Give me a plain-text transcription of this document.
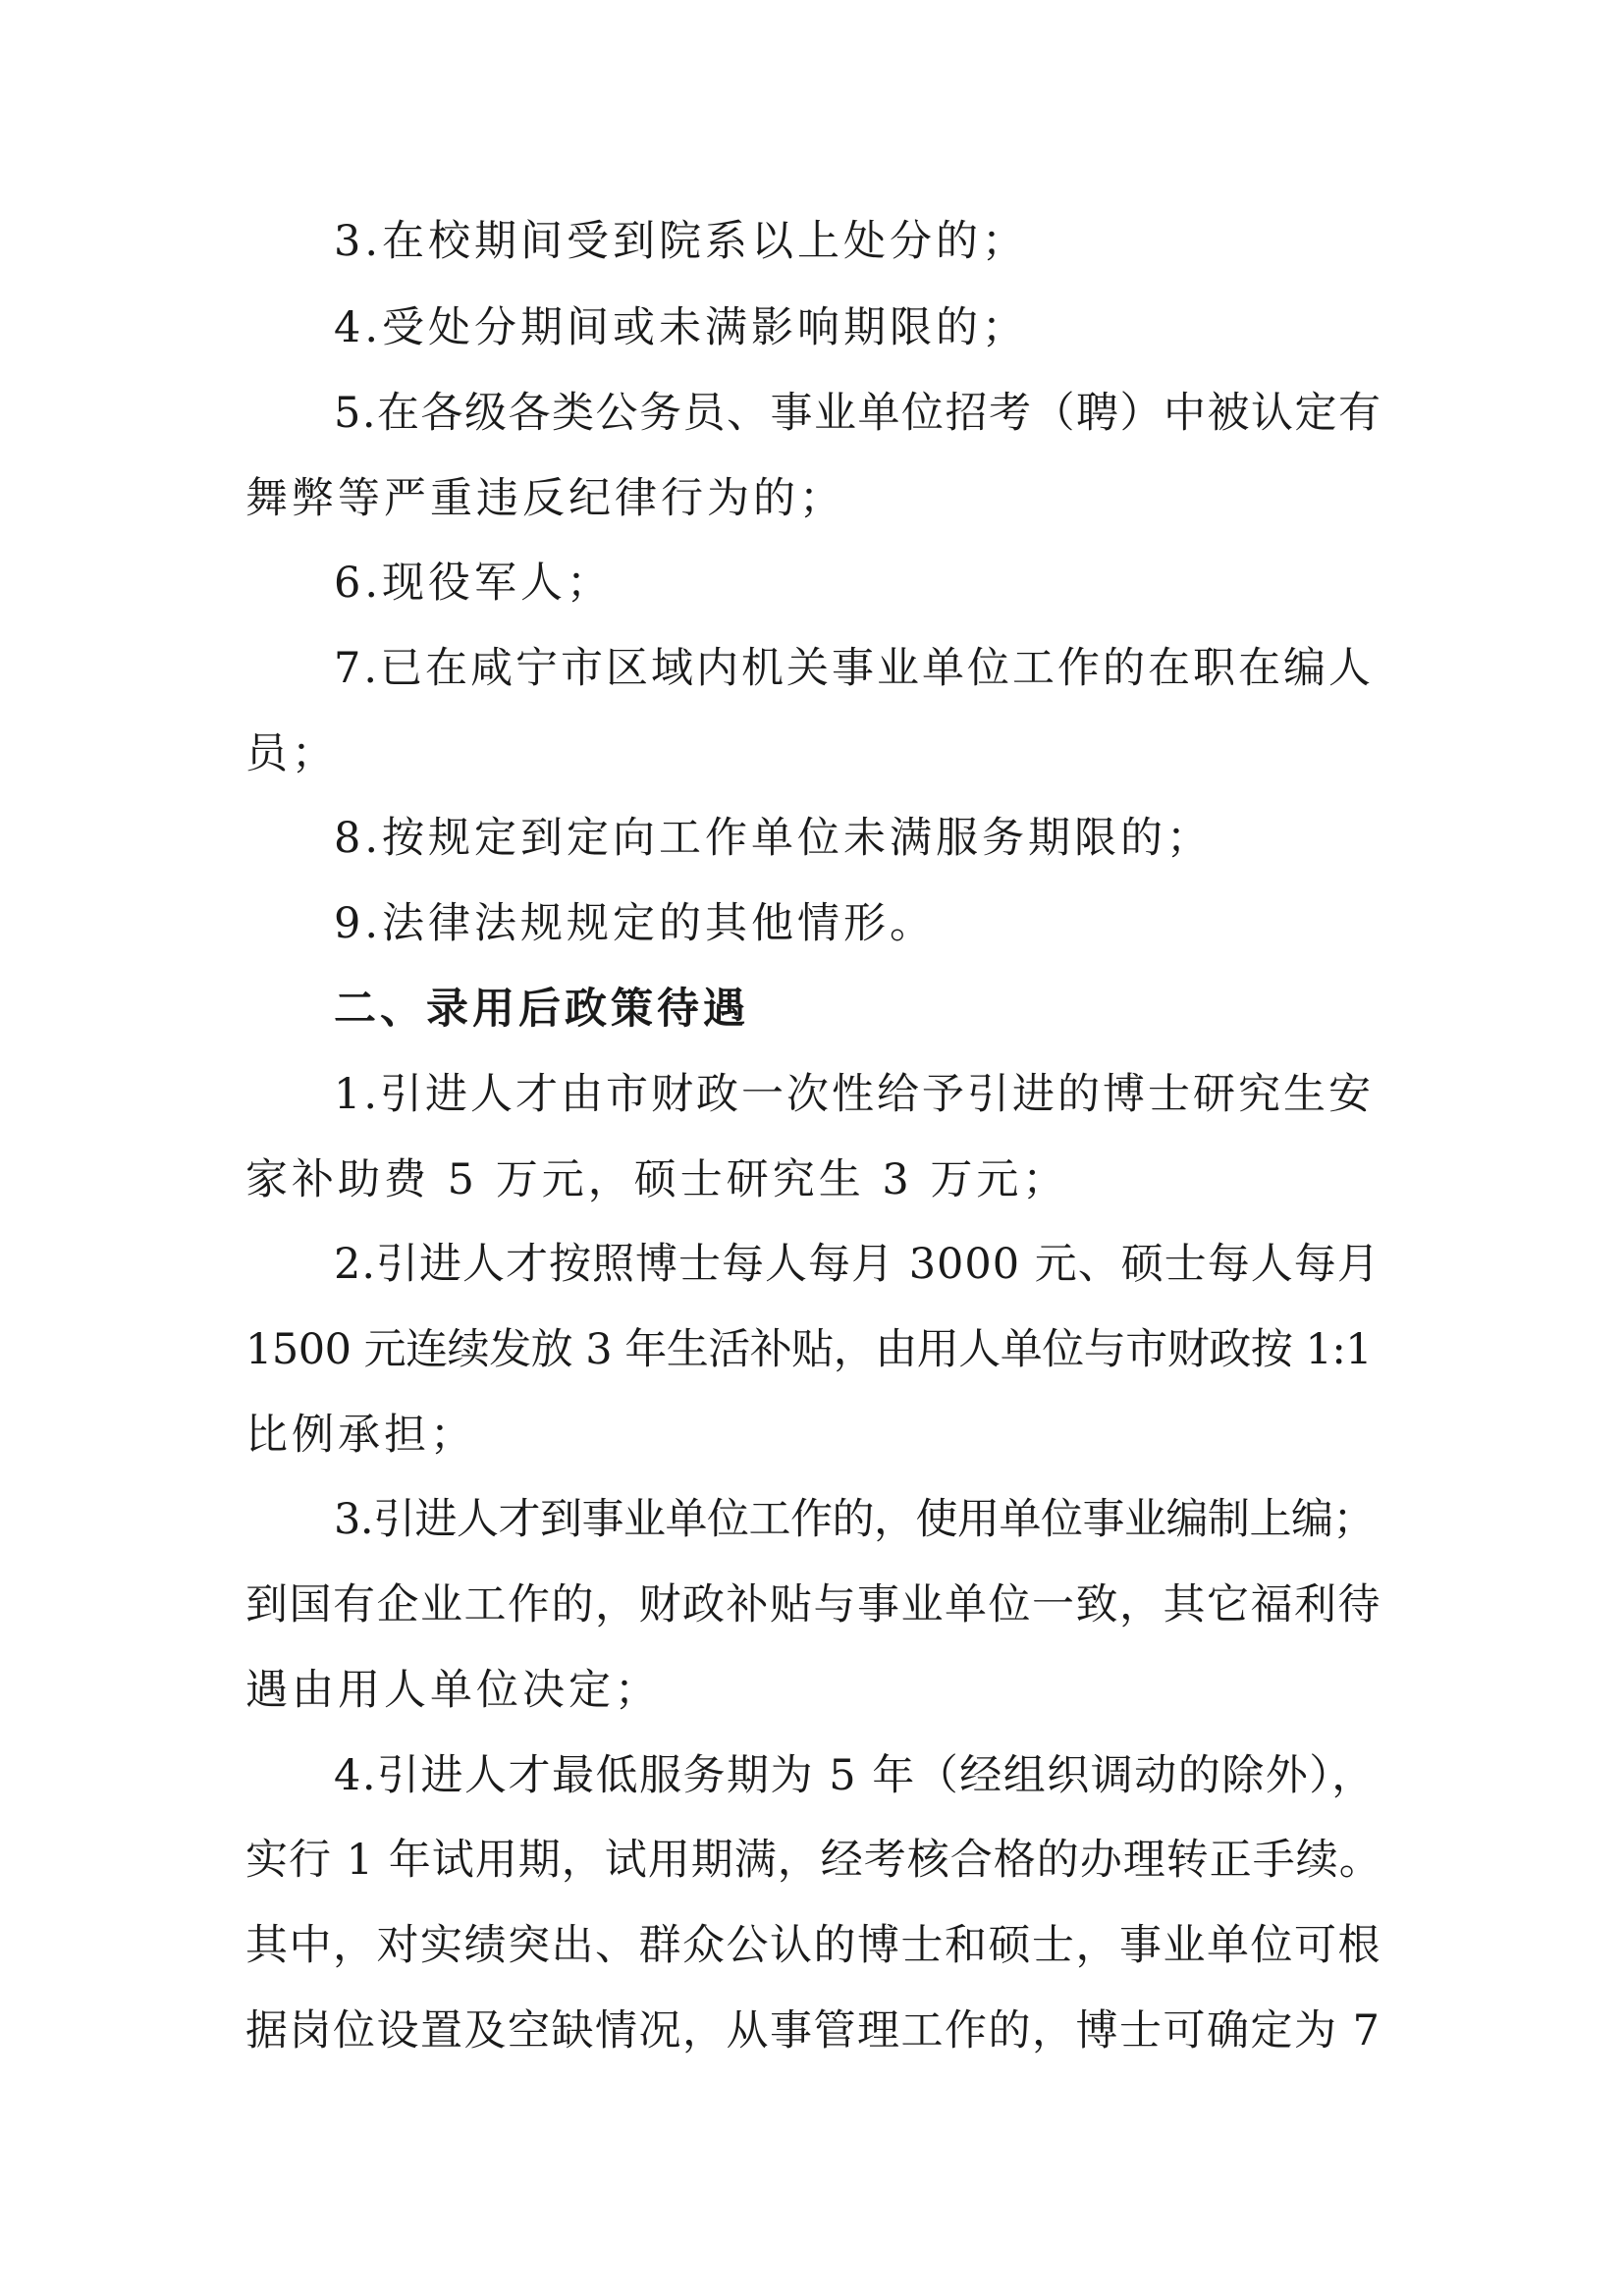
3.在校期间受到院系以上处分的；
4.受处分期间或未满影响期限的；
5.在各级各类公务员、事业单位招考（聘）中被认定有
舞弊等严重违反纪律行为的；
6.现役军人；
7.已在咸宁市区域内机关事业单位工作的在职在编人
员；
8.按规定到定向工作单位未满服务期限的；
9.法律法规规定的其他情形。
二、录用后政策待遇
1.引进人才由市财政一次性给予引进的博士研究生安
家补助费 5 万元，硕士研究生 3 万元；
2.引进人才按照博士每人每月 3000 元、硕士每人每月
1500 元连续发放 3 年生活补贴，由用人单位与市财政按 1:1
比例承担；
3.引进人才到事业单位工作的，使用单位事业编制上编；
到国有企业工作的，财政补贴与事业单位一致，其它福利待
遇由用人单位决定；
4.引进人才最低服务期为 5 年（经组织调动的除外），
实行 1 年试用期，试用期满，经考核合格的办理转正手续。
其中，对实绩突出、群众公认的博士和硕士，事业单位可根
据岗位设置及空缺情况，从事管理工作的，博士可确定为 7
